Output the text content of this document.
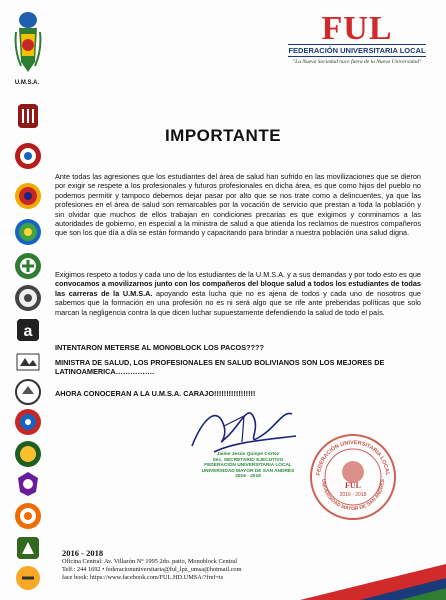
U.M.S.A.
a
FUL
FEDERACIÓN UNIVERSITARIA LOCAL
"La Nueva Sociedad nace fuera de la Nueva Universidad"
IMPORTANTE
Ante todas las agresiones que los estudiantes del área de salud han sufrido en las movilizaciones que se dieron por exigir se respete a los profesionales y futuros profesionales en dicha área, es que como hijos del pueblo no podemos permitir y tampoco debemos dejar pasar por alto que se nos trate como a delincuentes, ya que las profesiones en el área de salud son remarcables por la vocación de servicio que prestan a toda la población y sin olvidar que muchos de ellos trabajan en condiciones precarias es que exigimos y conminamos a las autoridades de gobierno, en especial a la ministra de salud a que atienda los reclamos de nuestros compañeros que son los que día a día se están formando y capacitando para brindar a nuestra población una salud digna.
Exigimos respeto a todos y cada uno de los estudiantes de la U.M.S.A. y a sus demandas y por todo esto es que convocamos a movilizarnos junto con los compañeros del bloque salud a todos los estudiantes de todas las carreras de la U.M.S.A. apoyando esta lucha que no es ajena de todos y cada uno de nosotros que sabemos que la formación en una profesión no es ni será algo que se rife ante prebendas políticas que solo marcan la negligencia contra la que dicen luchar supuestamente defendiendo la salud de todo el país.
INTENTARON METERSE AL MONOBLOCK LOS PACOS????
MINISTRA DE SALUD, LOS PROFESIONALES EN SALUD BOLIVIANOS SON LOS MEJORES DE LATINOAMERICA…………….
AHORA CONOCERAN A LA U.M.S.A. CARAJO!!!!!!!!!!!!!!!!!
Jaime Jesús Quispe Cortez
Sec. SECRETARIO EJECUTIVO
FEDERACIÓN UNIVERSITARIA LOCAL UNIVERSIDAD MAYOR DE SAN ANDRÉS
2016 - 2018
FEDERACIÓN UNIVERSITARIA LOCAL
UNIVERSIDAD MAYOR DE SAN ANDRÉS
FUL
2016 - 2018
2016 - 2018
Oficina Central: Av. Villazón N° 1995 2do. patio, Monoblock Central
Telf.: 244 1692 • federacionuniversitaria@ful_lpz_umsa@hotmail.com
face book: https://www.facebook.com/FUL.HD.UMSA/?fref=ts
